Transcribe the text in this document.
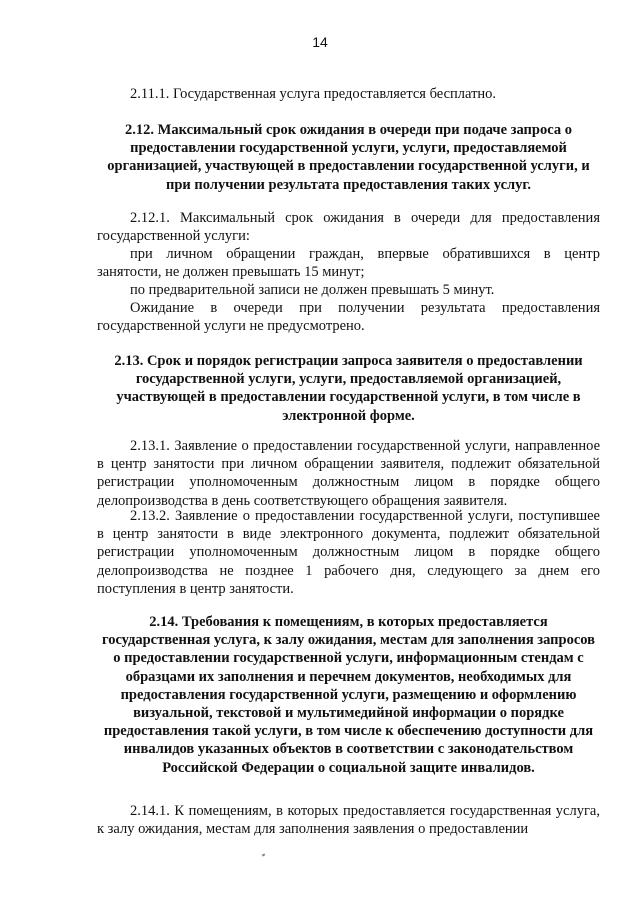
14
2.11.1. Государственная услуга предоставляется бесплатно.
2.12. Максимальный срок ожидания в очереди при подаче запроса о предоставлении государственной услуги, услуги, предоставляемой организацией, участвующей в предоставлении государственной услуги, и при получении результата предоставления таких услуг.
2.12.1. Максимальный срок ожидания в очереди для предоставления государственной услуги:
при личном обращении граждан, впервые обратившихся в центр
занятости, не должен превышать 15 минут;
по предварительной записи не должен превышать 5 минут.
Ожидание в очереди при получении результата предоставления
государственной услуги не предусмотрено.
2.13. Срок и порядок регистрации запроса заявителя о предоставлении государственной услуги, услуги, предоставляемой организацией, участвующей в предоставлении государственной услуги, в том числе в электронной форме.
2.13.1. Заявление о предоставлении государственной услуги, направленное в центр занятости при личном обращении заявителя, подлежит обязательной регистрации уполномоченным должностным лицом в порядке общего делопроизводства в день соответствующего обращения заявителя.
2.13.2. Заявление о предоставлении государственной услуги, поступившее в центр занятости в виде электронного документа, подлежит обязательной регистрации уполномоченным должностным лицом в порядке общего делопроизводства не позднее 1 рабочего дня, следующего за днем его поступления в центр занятости.
2.14. Требования к помещениям, в которых предоставляется государственная услуга, к залу ожидания, местам для заполнения запросов о предоставлении государственной услуги, информационным стендам с образцами их заполнения и перечнем документов, необходимых для предоставления государственной услуги, размещению и оформлению визуальной, текстовой и мультимедийной информации о порядке предоставления такой услуги, в том числе к обеспечению доступности для инвалидов указанных объектов в соответствии с законодательством Российской Федерации о социальной защите инвалидов.
2.14.1. К помещениям, в которых предоставляется государственная услуга, к залу ожидания, местам для заполнения заявления о предоставлении
